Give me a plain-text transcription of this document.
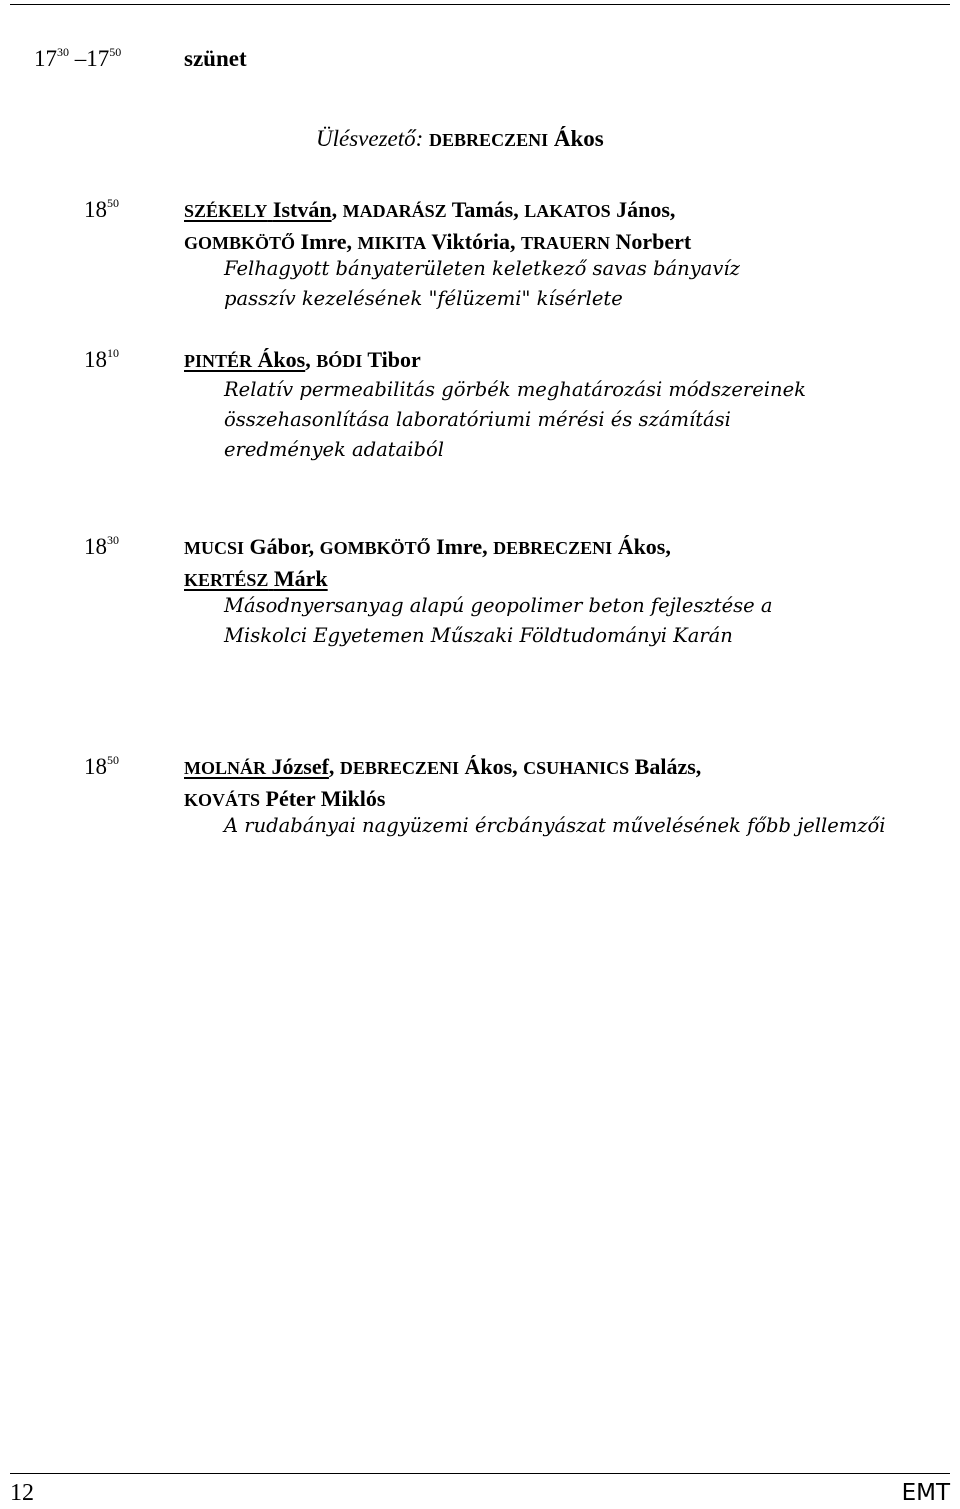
$17^{30}$ $-17^{50}$	szünet
Ülésvezető: DEBRECZENI Ákos
$18^{50}$	SZÉKELY István, MADARÁSZ Tamás, LAKATOS János,
GOMBKÖTŐ Imre, MIKITA Viktória, TRAUERN Norbert
Felhagyott bányaterületen keletkező savas bányavíz
passzív kezelésének "félüzemi" kísérlete
$18^{10}$	PINTÉR Ákos, BÓDI Tibor
Relatív permeabilitás görbék meghatározási módszereinek
összehasonlítása laboratóriumi mérési és számítási
eredmények adataiból
$18^{30}$	MUCSI Gábor, GOMBKÖTŐ Imre, DEBRECZENI Ákos,
KERTÉSZ Márk
Másodnyersanyag alapú geopolimer beton fejlesztése a
Miskolci Egyetemen Műszaki Földtudományi Karán
$18^{50}$	MOLNÁR József, DEBRECZENI Ákos, CSUHANICS Balázs,
KOVÁTS Péter Miklós
A rudabányai nagyüzemi ércbányászat művelésének főbb jellemzői
12	EMT
